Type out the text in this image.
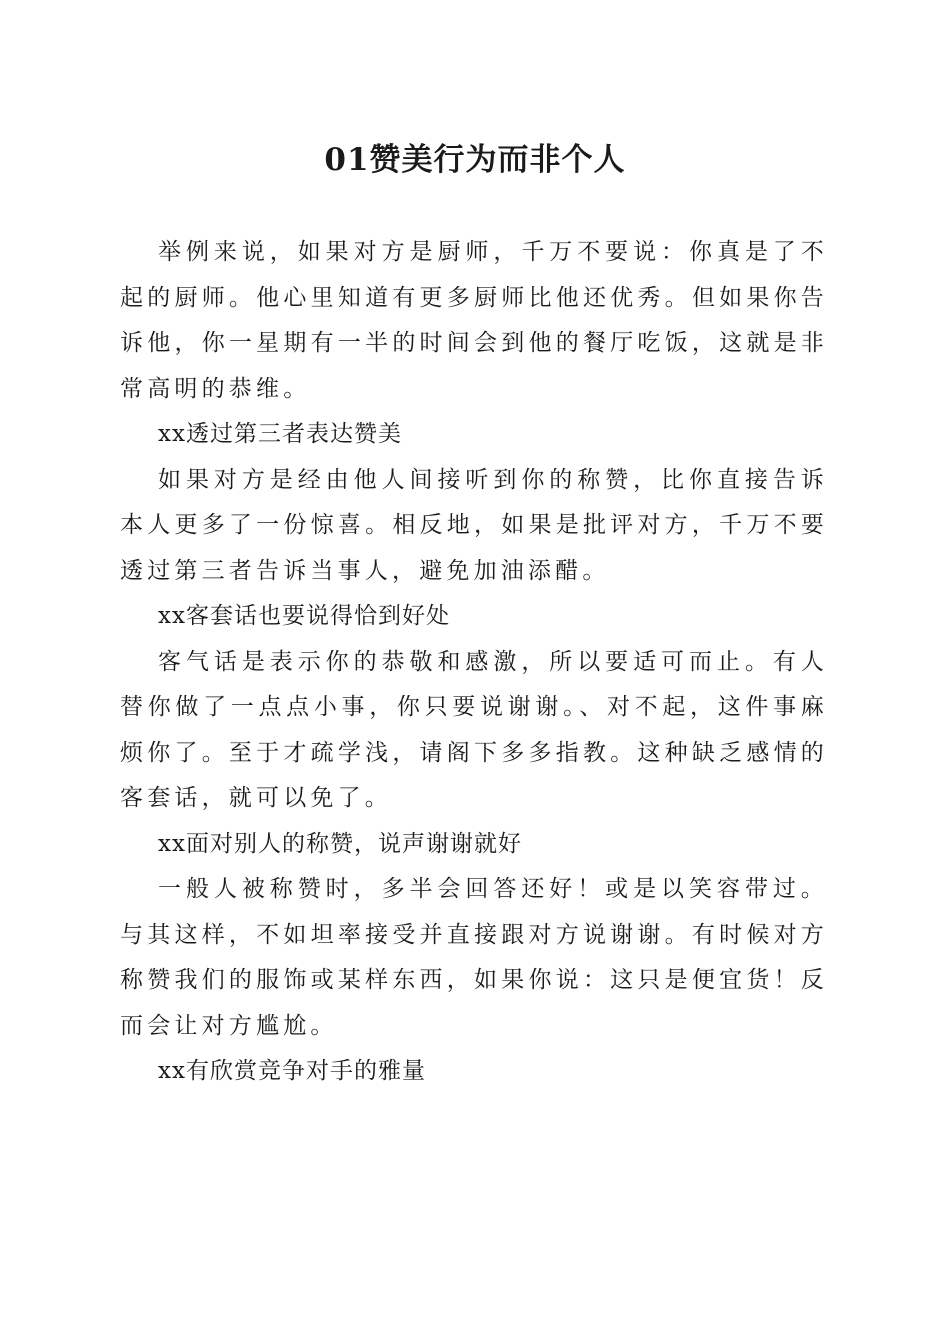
01赞美行为而非个人

举例来说，如果对方是厨师，千万不要说：你真是了不起的厨师。他心里知道有更多厨师比他还优秀。但如果你告诉他，你一星期有一半的时间会到他的餐厅吃饭，这就是非常高明的恭维。

xx透过第三者表达赞美

如果对方是经由他人间接听到你的称赞，比你直接告诉本人更多了一份惊喜。相反地，如果是批评对方，千万不要透过第三者告诉当事人，避免加油添醋。

xx客套话也要说得恰到好处

客气话是表示你的恭敬和感激，所以要适可而止。有人替你做了一点点小事，你只要说谢谢。、对不起，这件事麻烦你了。至于才疏学浅，请阁下多多指教。这种缺乏感情的客套话，就可以免了。

xx面对别人的称赞，说声谢谢就好

一般人被称赞时，多半会回答还好！或是以笑容带过。与其这样，不如坦率接受并直接跟对方说谢谢。有时候对方称赞我们的服饰或某样东西，如果你说：这只是便宜货！反而会让对方尴尬。

xx有欣赏竞争对手的雅量
